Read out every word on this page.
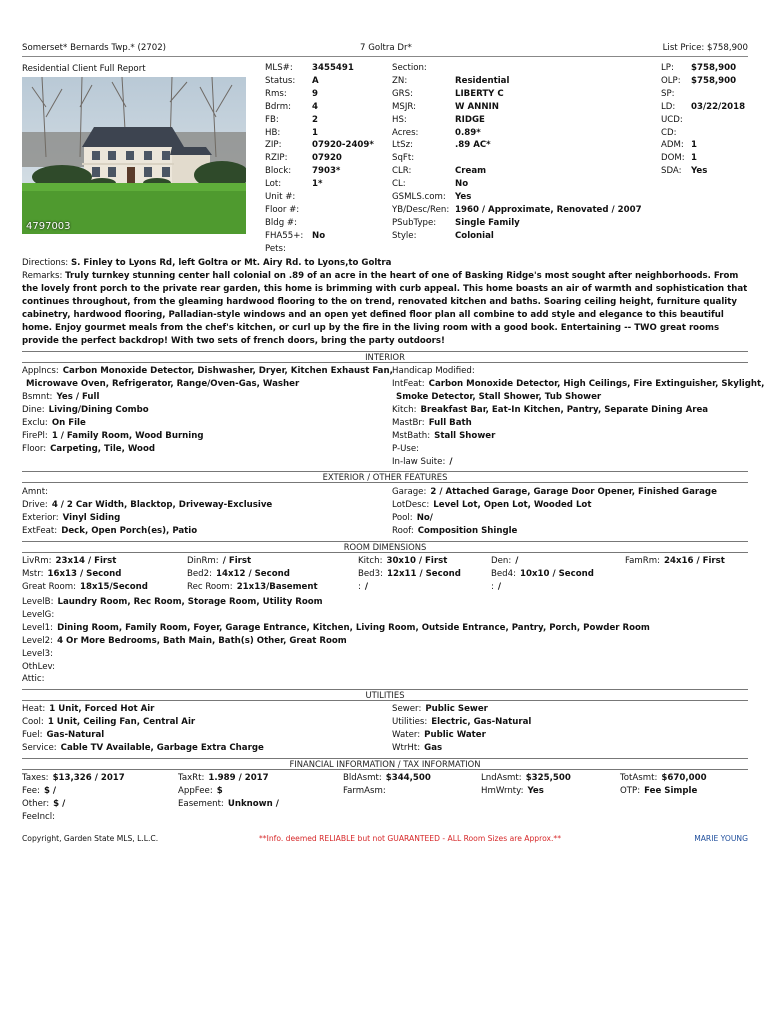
Somerset* Bernards Twp.* (2702)	7 Goltra Dr*	List Price: $758,900
Residential Client Full Report
4797003
MLS#: 3455491
Status: A
Rms:	9
Bdrm: 4
FB:	2
HB:	1
ZIP:	07920-2409*
RZIP:	07920
Block: 7903*
Lot:	1*
Unit #:
Floor #:
Bldg #:
FHA55+: No
Pets:
Section:
ZN:	Residential
GRS:	LIBERTY C
MSJR:	W ANNIN
HS:	RIDGE
Acres:	0.89*
LtSz:	.89 AC*
SqFt:
CLR:	Cream
CL:	No
GSMLS.com: Yes
YB/Desc/Ren: 1960 / Approximate, Renovated / 2007
PSubType: Single Family
Style:	Colonial
LP: $758,900
OLP: $758,900
SP:
LD: 03/22/2018
UCD:
CD:
ADM: 1
DOM: 1
SDA: Yes
Directions: S. Finley to Lyons Rd, left Goltra or Mt. Airy Rd. to Lyons,to Goltra
Remarks: Truly turnkey stunning center hall colonial on .89 of an acre in the heart of one of Basking Ridge's most sought after neighborhoods. From the lovely front porch to the private rear garden, this home is brimming with curb appeal. This home boasts an air of warmth and sophistication that continues throughout, from the gleaming hardwood flooring to the on trend, renovated kitchen and baths. Soaring ceiling height, furniture quality cabinetry, hardwood flooring, Palladian-style windows and an open yet defined floor plan all combine to add style and elegance to this beautiful home. Enjoy gourmet meals from the chef's kitchen, or curl up by the fire in the living room with a good book. Entertaining -- TWO great rooms provide the perfect backdrop! With two sets of french doors, bring the party outdoors!
INTERIOR
Applncs: Carbon Monoxide Detector, Dishwasher, Dryer, Kitchen Exhaust Fan,
Microwave Oven, Refrigerator, Range/Oven-Gas, Washer
Bsmnt: Yes / Full
Dine: Living/Dining Combo
Exclu: On File
FirePl: 1 / Family Room, Wood Burning
Floor: Carpeting, Tile, Wood
Handicap Modified:
IntFeat: Carbon Monoxide Detector, High Ceilings, Fire Extinguisher, Skylight,
Smoke Detector, Stall Shower, Tub Shower
Kitch: Breakfast Bar, Eat-In Kitchen, Pantry, Separate Dining Area
MastBr: Full Bath
MstBath: Stall Shower
P-Use:
In-law Suite: /
EXTERIOR / OTHER FEATURES
Amnt:
Drive: 4 / 2 Car Width, Blacktop, Driveway-Exclusive
Exterior: Vinyl Siding
ExtFeat: Deck, Open Porch(es), Patio
Garage: 2 / Attached Garage, Garage Door Opener, Finished Garage
LotDesc: Level Lot, Open Lot, Wooded Lot
Pool: No/
Roof: Composition Shingle
ROOM DIMENSIONS
LivRm: 23x14 / First	DinRm: / First	Kitch: 30x10 / First	Den: /	FamRm: 24x16 / First
Mstr: 16x13 / Second	Bed2: 14x12 / Second	Bed3: 12x11 / Second	Bed4: 10x10 / Second
Great Room: 18x15/Second	Rec Room: 21x13/Basement	: /	: /
LevelB: Laundry Room, Rec Room, Storage Room, Utility Room
LevelG:
Level1: Dining Room, Family Room, Foyer, Garage Entrance, Kitchen, Living Room, Outside Entrance, Pantry, Porch, Powder Room
Level2: 4 Or More Bedrooms, Bath Main, Bath(s) Other, Great Room
Level3:
OthLev:
Attic:
UTILITIES
Heat: 1 Unit, Forced Hot Air
Cool: 1 Unit, Ceiling Fan, Central Air
Fuel: Gas-Natural
Service: Cable TV Available, Garbage Extra Charge
Sewer: Public Sewer
Utilities: Electric, Gas-Natural
Water: Public Water
WtrHt: Gas
FINANCIAL INFORMATION / TAX INFORMATION
Taxes: $13,326 / 2017	TaxRt: 1.989 / 2017	BldAsmt: $344,500	LndAsmt: $325,500	TotAsmt: $670,000
Fee: $ /	AppFee: $	FarmAsm:	HmWrnty: Yes	OTP: Fee Simple
Other: $ /	Easement: Unknown /
FeeIncl:
Copyright, Garden State MLS, L.L.C.	**Info. deemed RELIABLE but not GUARANTEED - ALL Room Sizes are Approx.**	MARIE YOUNG
